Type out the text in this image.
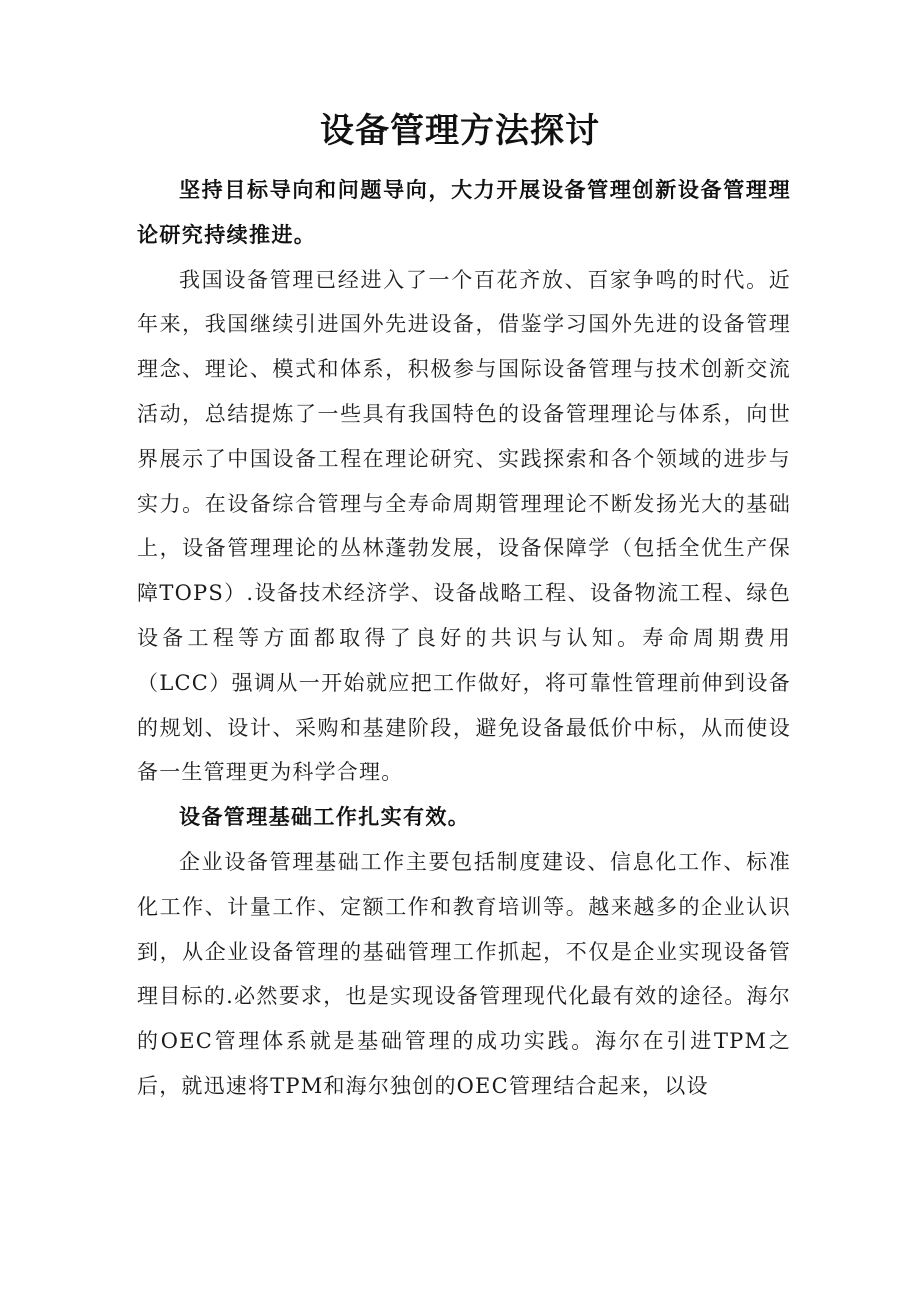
设备管理方法探讨

坚持目标导向和问题导向，大力开展设备管理创新设备管理理论研究持续推进。

我国设备管理已经进入了一个百花齐放、百家争鸣的时代。近年来，我国继续引进国外先进设备，借鉴学习国外先进的设备管理理念、理论、模式和体系，积极参与国际设备管理与技术创新交流活动，总结提炼了一些具有我国特色的设备管理理论与体系，向世界展示了中国设备工程在理论研究、实践探索和各个领域的进步与实力。在设备综合管理与全寿命周期管理理论不断发扬光大的基础上，设备管理理论的丛林蓬勃发展，设备保障学（包括全优生产保障TOPS）.设备技术经济学、设备战略工程、设备物流工程、绿色设备工程等方面都取得了良好的共识与认知。寿命周期费用（LCC）强调从一开始就应把工作做好，将可靠性管理前伸到设备的规划、设计、采购和基建阶段，避免设备最低价中标，从而使设备一生管理更为科学合理。

设备管理基础工作扎实有效。

企业设备管理基础工作主要包括制度建设、信息化工作、标准化工作、计量工作、定额工作和教育培训等。越来越多的企业认识到，从企业设备管理的基础管理工作抓起，不仅是企业实现设备管理目标的.必然要求，也是实现设备管理现代化最有效的途径。海尔的OEC管理体系就是基础管理的成功实践。海尔在引进TPM之后，就迅速将TPM和海尔独创的OEC管理结合起来，以设
